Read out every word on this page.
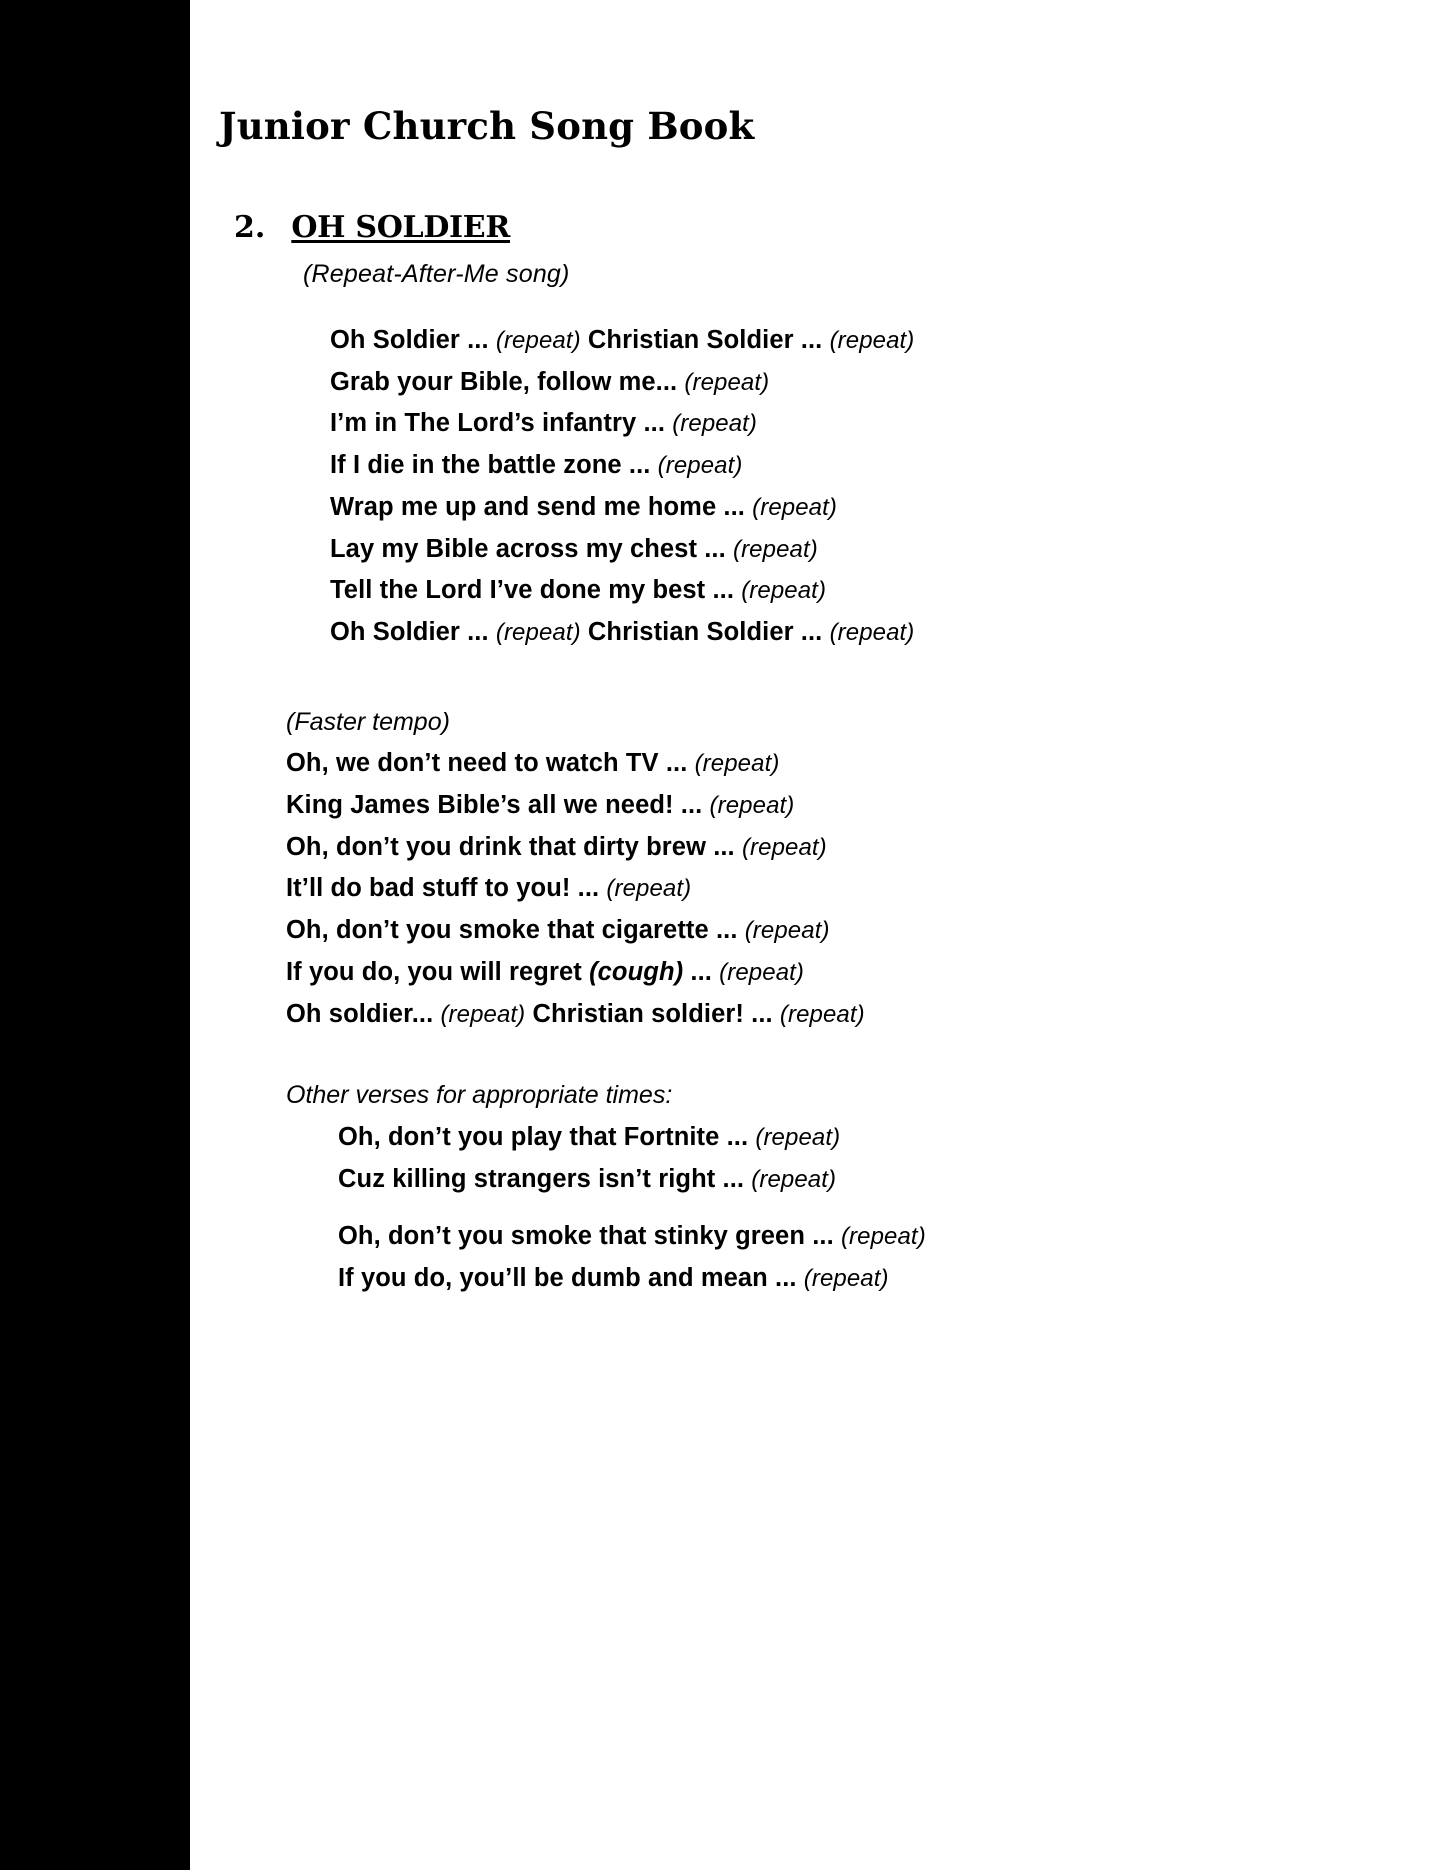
Junior Church Song Book
2. OH SOLDIER
(Repeat-After-Me song)
Oh Soldier ... (repeat) Christian Soldier ... (repeat)
Grab your Bible, follow me... (repeat)
I’m in The Lord’s infantry ... (repeat)
If I die in the battle zone ... (repeat)
Wrap me up and send me home ... (repeat)
Lay my Bible across my chest ... (repeat)
Tell the Lord I’ve done my best ... (repeat)
Oh Soldier ... (repeat) Christian Soldier ... (repeat)
(Faster tempo)
Oh, we don’t need to watch TV ... (repeat)
King James Bible’s all we need! ... (repeat)
Oh, don’t you drink that dirty brew ... (repeat)
It’ll do bad stuff to you! ... (repeat)
Oh, don’t you smoke that cigarette ... (repeat)
If you do, you will regret (cough) ... (repeat)
Oh soldier... (repeat) Christian soldier! ... (repeat)
Other verses for appropriate times:
Oh, don’t you play that Fortnite ... (repeat)
Cuz killing strangers isn’t right ... (repeat)
Oh, don’t you smoke that stinky green ... (repeat)
If you do, you’ll be dumb and mean ... (repeat)
